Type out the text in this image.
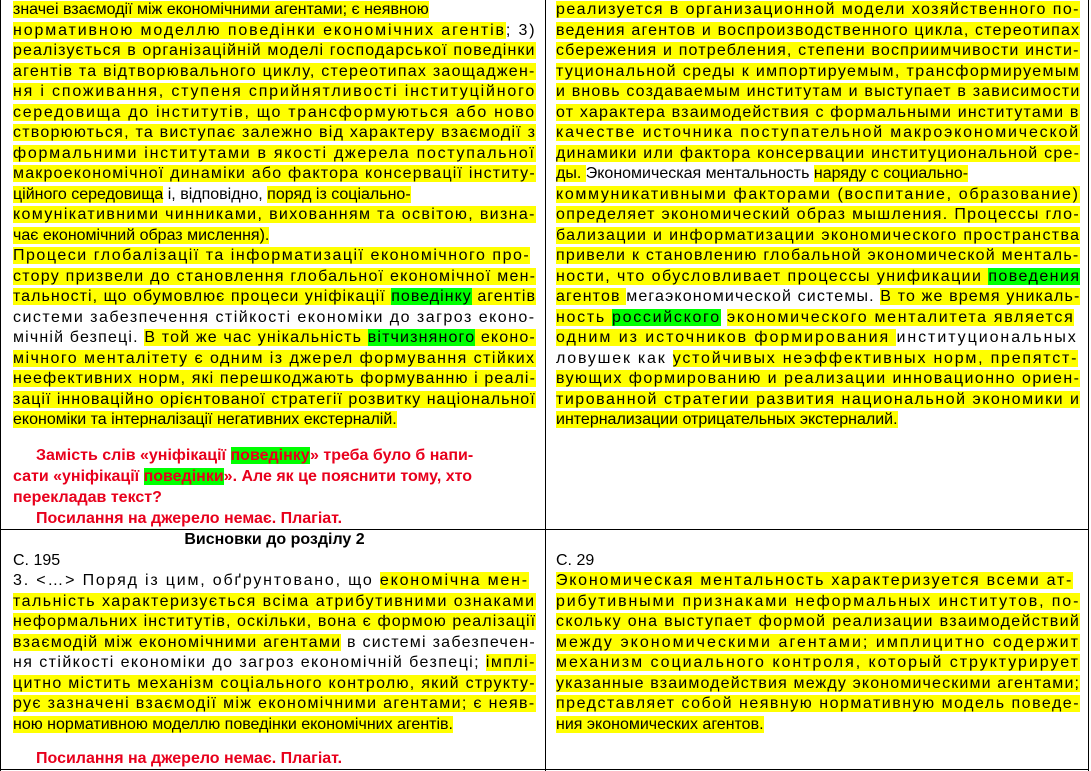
значеі взаємодії між економічними агентами; є неявною
нормативною моделлю поведінки економічних агентів; 3)
реалізується в організаційній моделі господарської поведінки
агентів та відтворювального циклу, стереотипах заощаджен-
ня і споживання, ступеня сприйнятливості інституційного
середовища до інститутів, що трансформуються або ново
створюються, та виступає залежно від характеру взаємодії з
формальними інститутами в якості джерела поступальної
макроекономічної динаміки або фактора консервації інститу-
ційного середовища і, відповідно, поряд із соціально-
комунікативними чинниками, вихованням та освітою, визна-
чає економічний образ мислення).
Процеси глобалізації та інформатизації економічного про-
стору призвели до становлення глобальної економічної мен-
тальності, що обумовлює процеси уніфікації поведінку агентів
системи забезпечення стійкості економіки до загроз еконо-
мічній безпеці. В той же час унікальність вітчизняного еконо-
мічного менталітету є одним із джерел формування стійких
неефективних норм, які перешкоджають формуванню і реалі-
зації інноваційно орієнтованої стратегії розвитку національної
економіки та інтерналізації негативних екстерналій.
Замість слів «уніфікації поведінку» треба було б напи-
сати «уніфікації поведінки». Але як це пояснити тому, хто
перекладав текст?
Посилання на джерело немає. Плагіат.
реализуется в организационной модели хозяйственного по-
ведения агентов и воспроизводственного цикла, стереотипах
сбережения и потребления, степени восприимчивости инсти-
туциональной среды к импортируемым, трансформируемым
и вновь создаваемым институтам и выступает в зависимости
от характера взаимодействия с формальными институтами в
качестве источника поступательной макроэкономической
динамики или фактора консервации институциональной сре-
ды. Экономическая ментальность наряду с социально-
коммуникативными факторами (воспитание, образование)
определяет экономический образ мышления. Процессы гло-
бализации и информатизации экономического пространства
привели к становлению глобальной экономической менталь-
ности, что обусловливает процессы унификации поведения
агентов мегаэкономической системы. В то же время уникаль-
ность российского экономического менталитета является
одним из источников формирования институциональных
ловушек как устойчивых неэффективных норм, препятст-
вующих формированию и реализации инновационно ориен-
тированной стратегии развития национальной экономики и
интернализации отрицательных экстерналий.
Висновки до розділу 2
С. 195
3. <…> Поряд із цим, обґрунтовано, що економічна мен-
тальність характеризується всіма атрибутивними ознаками
неформальних інститутів, оскільки, вона є формою реалізації
взаємодій між економічними агентами в системі забезпечен-
ня стійкості економіки до загроз економічній безпеці; імплі-
цитно містить механізм соціального контролю, який структу-
рує зазначені взаємодії між економічними агентами; є неяв-
ною нормативною моделлю поведінки економічних агентів.
Посилання на джерело немає. Плагіат.
С. 29
Экономическая ментальность характеризуется всеми ат-
рибутивными признаками неформальных институтов, по-
скольку она выступает формой реализации взаимодействий
между экономическими агентами; имплицитно содержит
механизм социального контроля, который структурирует
указанные взаимодействия между экономическими агентами;
представляет собой неявную нормативную модель поведе-
ния экономических агентов.
